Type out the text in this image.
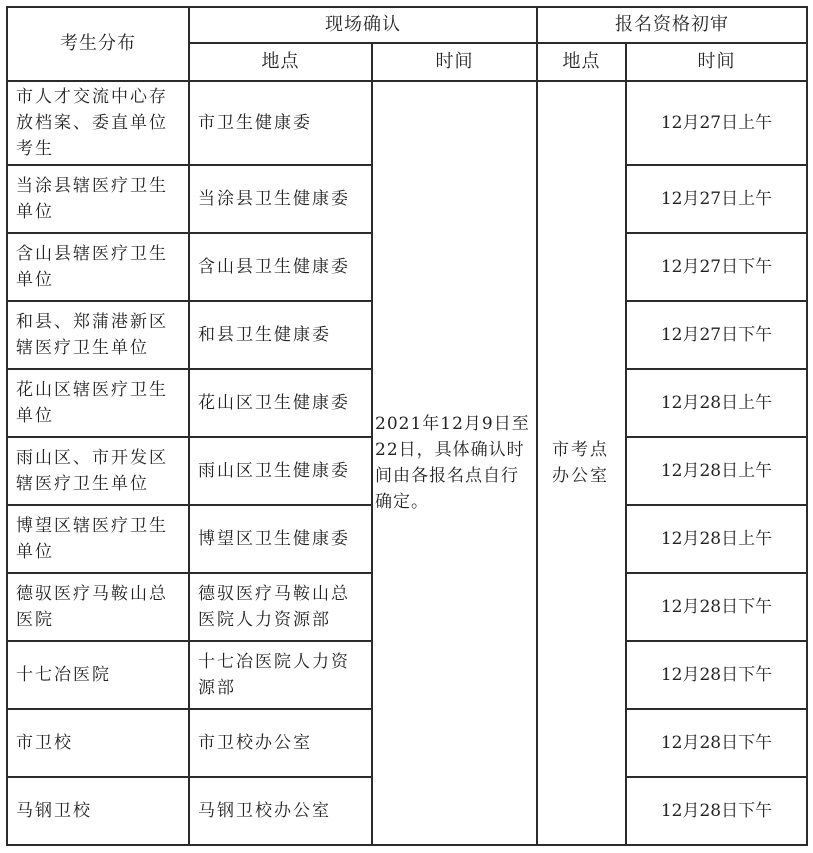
考生分布	现场确认		报名资格初审	
	地点	时间	地点	时间
市人才交流中心存放档案、委直单位考生	市卫生健康委	2021年12月9日至22日，具体确认时间由各报名点自行确定。	市考点办公室	12月27日上午
当涂县辖医疗卫生单位	当涂县卫生健康委			12月27日上午
含山县辖医疗卫生单位	含山县卫生健康委			12月27日下午
和县、郑蒲港新区辖医疗卫生单位	和县卫生健康委			12月27日下午
花山区辖医疗卫生单位	花山区卫生健康委			12月28日上午
雨山区、市开发区辖医疗卫生单位	雨山区卫生健康委			12月28日上午
博望区辖医疗卫生单位	博望区卫生健康委			12月28日上午
德驭医疗马鞍山总医院	德驭医疗马鞍山总医院人力资源部			12月28日下午
十七冶医院	十七冶医院人力资源部			12月28日下午
市卫校	市卫校办公室			12月28日下午
马钢卫校	马钢卫校办公室			12月28日下午
